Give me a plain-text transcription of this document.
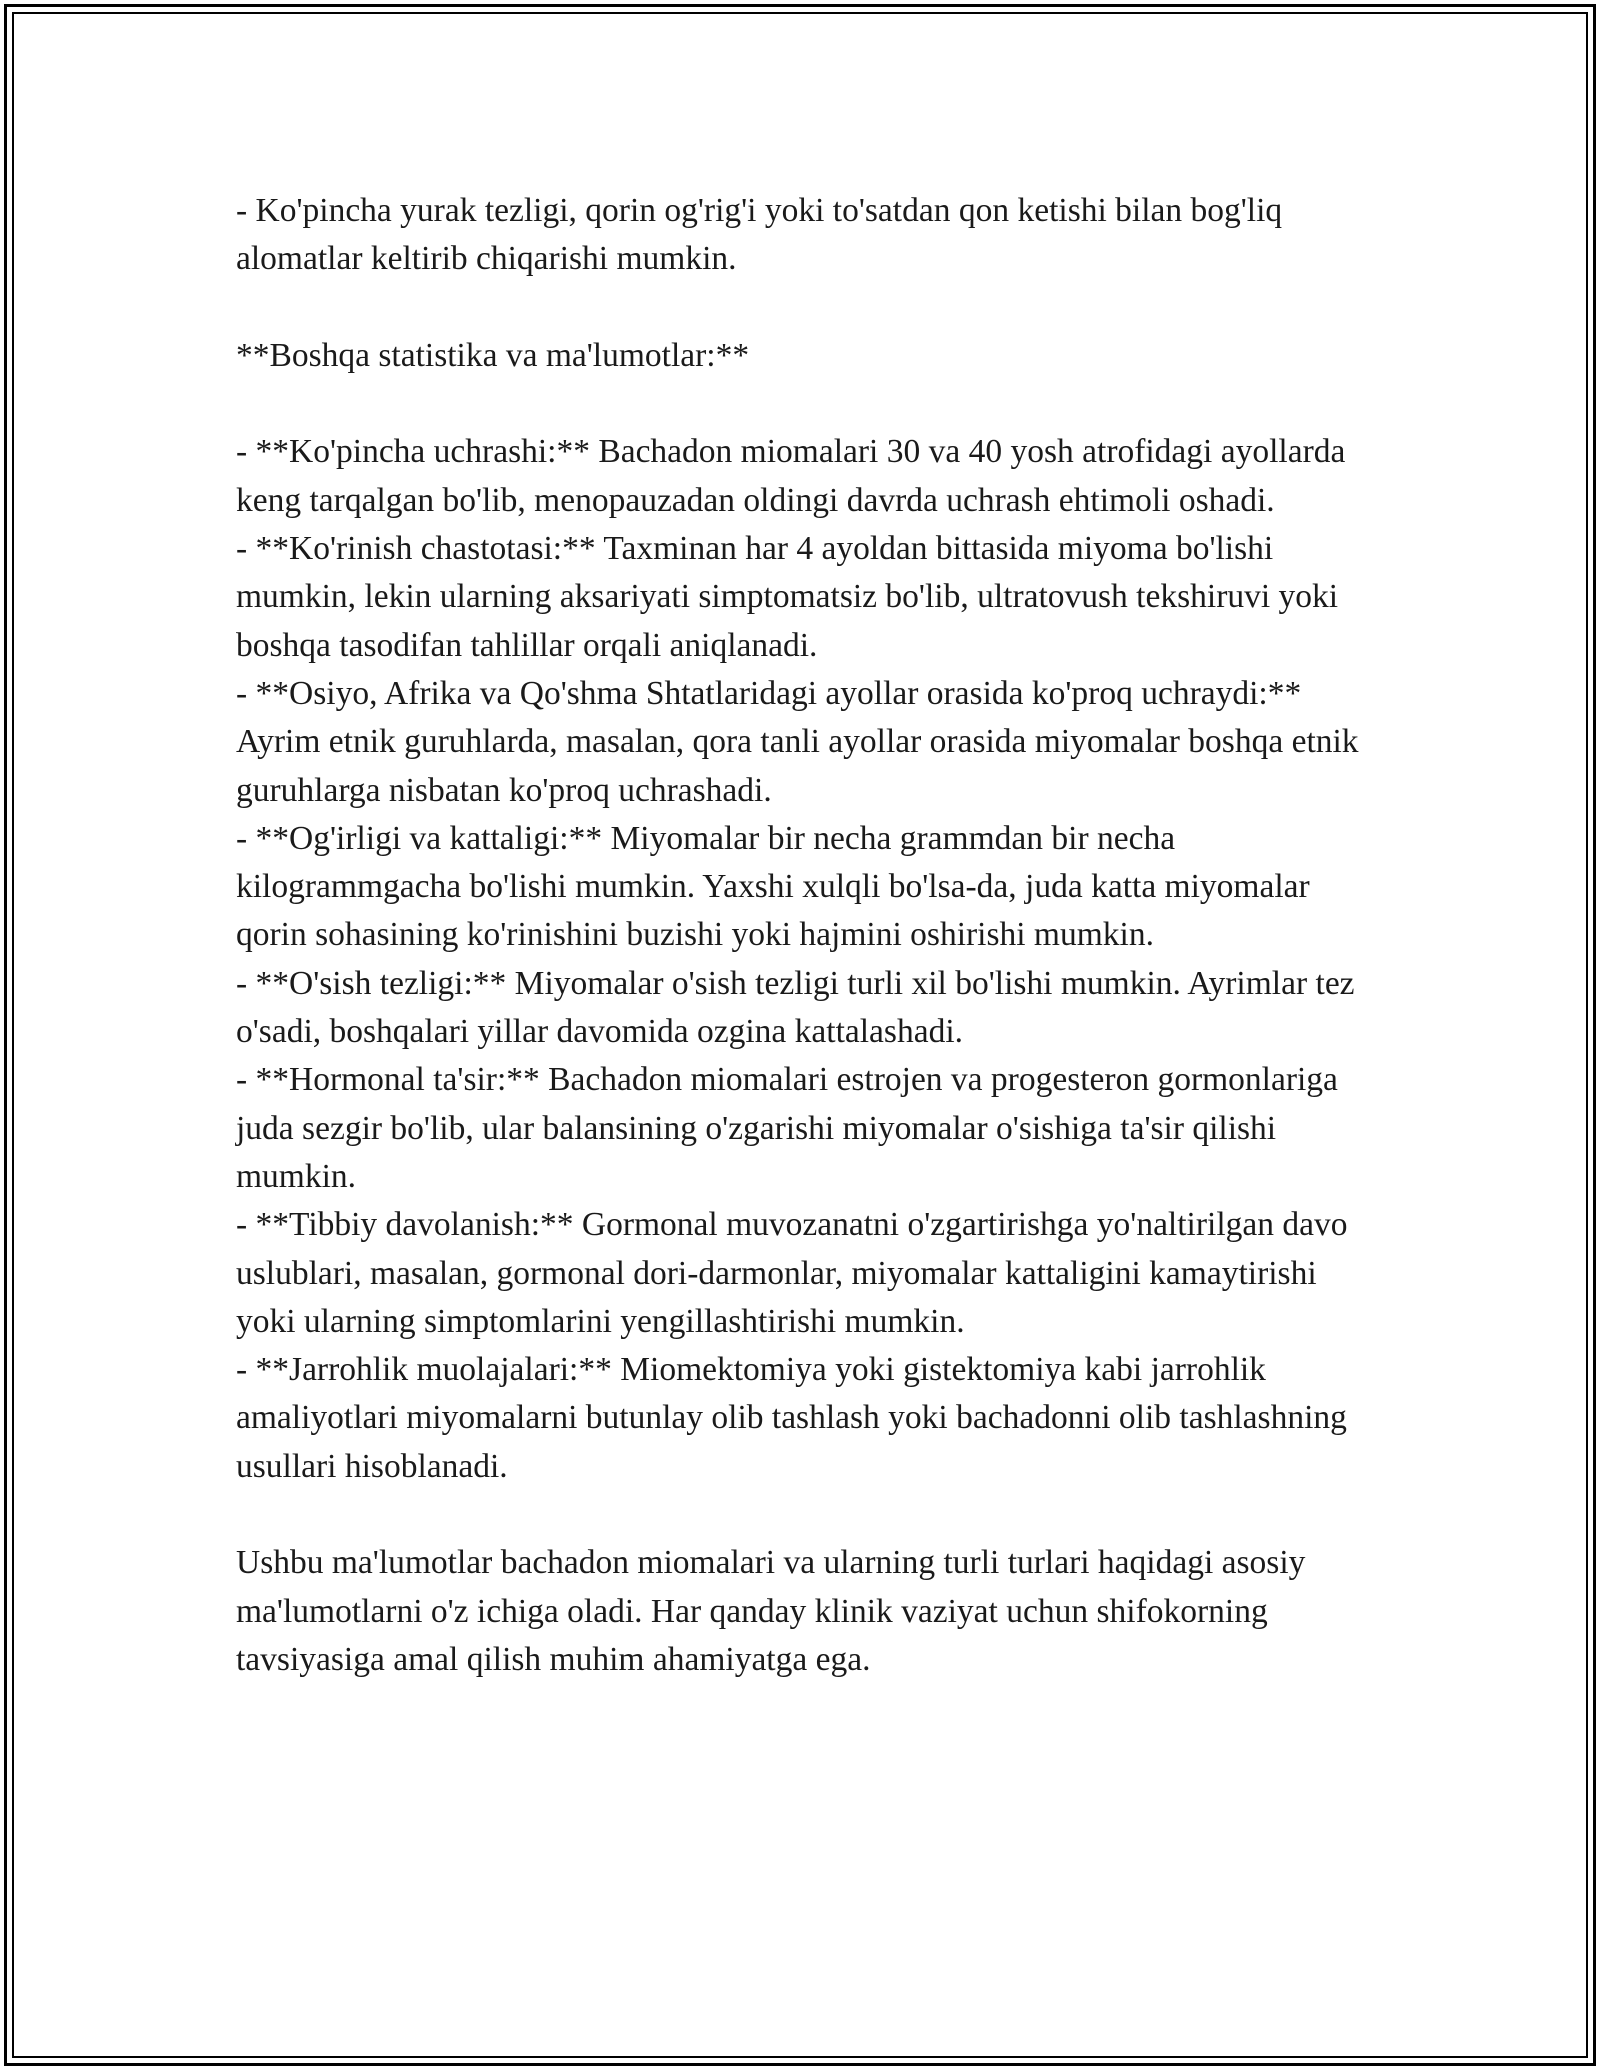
- Ko'pincha yurak tezligi, qorin og'rig'i yoki to'satdan qon ketishi bilan bog'liq alomatlar keltirib chiqarishi mumkin.

**Boshqa statistika va ma'lumotlar:**

- **Ko'pincha uchrashi:** Bachadon miomalari 30 va 40 yosh atrofidagi ayollarda keng tarqalgan bo'lib, menopauzadan oldingi davrda uchrash ehtimoli oshadi.

- **Ko'rinish chastotasi:** Taxminan har 4 ayoldan bittasida miyoma bo'lishi mumkin, lekin ularning aksariyati simptomatsiz bo'lib, ultratovush tekshiruvi yoki boshqa tasodifan tahlillar orqali aniqlanadi.

- **Osiyo, Afrika va Qo'shma Shtatlaridagi ayollar orasida ko'proq uchraydi:** Ayrim etnik guruhlarda, masalan, qora tanli ayollar orasida miyomalar boshqa etnik guruhlarga nisbatan ko'proq uchrashadi.

- **Og'irligi va kattaligi:** Miyomalar bir necha grammdan bir necha kilogrammgacha bo'lishi mumkin. Yaxshi xulqli bo'lsa-da, juda katta miyomalar qorin sohasining ko'rinishini buzishi yoki hajmini oshirishi mumkin.

- **O'sish tezligi:** Miyomalar o'sish tezligi turli xil bo'lishi mumkin. Ayrimlar tez o'sadi, boshqalari yillar davomida ozgina kattalashadi.

- **Hormonal ta'sir:** Bachadon miomalari estrojen va progesteron gormonlariga juda sezgir bo'lib, ular balansining o'zgarishi miyomalar o'sishiga ta'sir qilishi mumkin.

- **Tibbiy davolanish:** Gormonal muvozanatni o'zgartirishga yo'naltirilgan davo uslublari, masalan, gormonal dori-darmonlar, miyomalar kattaligini kamaytirishi yoki ularning simptomlarini yengillashtirishi mumkin.

- **Jarrohlik muolajalari:** Miomektomiya yoki gistektomiya kabi jarrohlik amaliyotlari miyomalarni butunlay olib tashlash yoki bachadonni olib tashlashning usullari hisoblanadi.

Ushbu ma'lumotlar bachadon miomalari va ularning turli turlari haqidagi asosiy ma'lumotlarni o'z ichiga oladi. Har qanday klinik vaziyat uchun shifokorning tavsiyasiga amal qilish muhim ahamiyatga ega.
